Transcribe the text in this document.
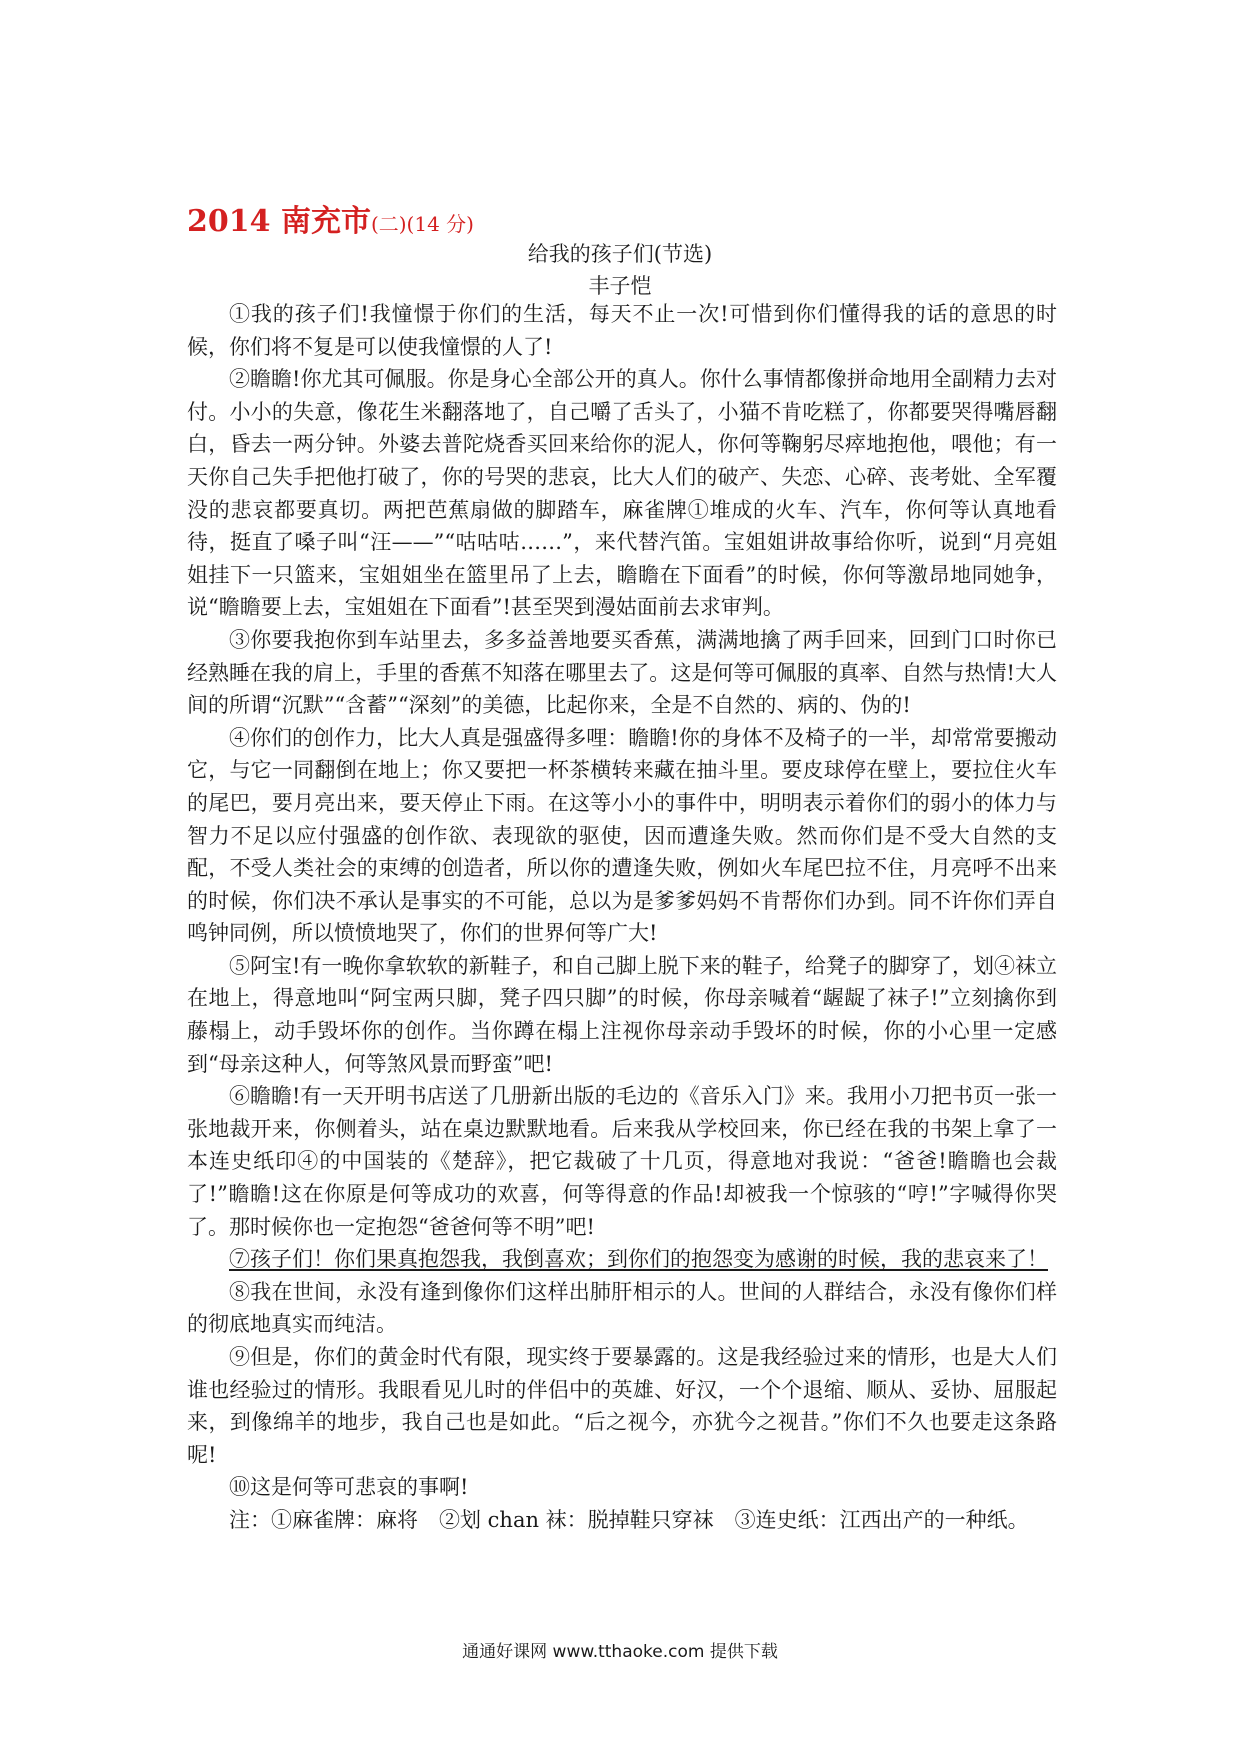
2014 南充市(二)(14 分)
给我的孩子们(节选)
丰子恺

①我的孩子们!我憧憬于你们的生活，每天不止一次!可惜到你们懂得我的话的意思的时候，你们将不复是可以使我憧憬的人了!

②瞻瞻!你尤其可佩服。你是身心全部公开的真人。你什么事情都像拼命地用全副精力去对付。小小的失意，像花生米翻落地了，自己嚼了舌头了，小猫不肯吃糕了，你都要哭得嘴唇翻白，昏去一两分钟。外婆去普陀烧香买回来给你的泥人，你何等鞠躬尽瘁地抱他，喂他；有一天你自己失手把他打破了，你的号哭的悲哀，比大人们的破产、失恋、心碎、丧考妣、全军覆没的悲哀都要真切。两把芭蕉扇做的脚踏车，麻雀牌①堆成的火车、汽车，你何等认真地看待，挺直了嗓子叫“汪——”“咕咕咕……”，来代替汽笛。宝姐姐讲故事给你听，说到“月亮姐姐挂下一只篮来，宝姐姐坐在篮里吊了上去，瞻瞻在下面看”的时候，你何等激昂地同她争，说“瞻瞻要上去，宝姐姐在下面看”!甚至哭到漫姑面前去求审判。

③你要我抱你到车站里去，多多益善地要买香蕉，满满地擒了两手回来，回到门口时你已经熟睡在我的肩上，手里的香蕉不知落在哪里去了。这是何等可佩服的真率、自然与热情!大人间的所谓“沉默”“含蓄”“深刻”的美德，比起你来，全是不自然的、病的、伪的!

④你们的创作力，比大人真是强盛得多哩：瞻瞻!你的身体不及椅子的一半，却常常要搬动它，与它一同翻倒在地上；你又要把一杯茶横转来藏在抽斗里。要皮球停在壁上，要拉住火车的尾巴，要月亮出来，要天停止下雨。在这等小小的事件中，明明表示着你们的弱小的体力与智力不足以应付强盛的创作欲、表现欲的驱使，因而遭逢失败。然而你们是不受大自然的支配，不受人类社会的束缚的创造者，所以你的遭逢失败，例如火车尾巴拉不住，月亮呼不出来的时候，你们决不承认是事实的不可能，总以为是爹爹妈妈不肯帮你们办到。同不许你们弄自鸣钟同例，所以愤愤地哭了，你们的世界何等广大!

⑤阿宝!有一晚你拿软软的新鞋子，和自己脚上脱下来的鞋子，给凳子的脚穿了，划④袜立在地上，得意地叫“阿宝两只脚，凳子四只脚”的时候，你母亲喊着“龌龊了袜子!”立刻擒你到藤榻上，动手毁坏你的创作。当你蹲在榻上注视你母亲动手毁坏的时候，你的小心里一定感到“母亲这种人，何等煞风景而野蛮”吧!

⑥瞻瞻!有一天开明书店送了几册新出版的毛边的《音乐入门》来。我用小刀把书页一张一张地裁开来，你侧着头，站在桌边默默地看。后来我从学校回来，你已经在我的书架上拿了一本连史纸印④的中国装的《楚辞》，把它裁破了十几页，得意地对我说：“爸爸!瞻瞻也会裁了!”瞻瞻!这在你原是何等成功的欢喜，何等得意的作品!却被我一个惊骇的“哼!”字喊得你哭了。那时候你也一定抱怨“爸爸何等不明”吧!

⑦孩子们！你们果真抱怨我，我倒喜欢；到你们的抱怨变为感谢的时候，我的悲哀来了！

⑧我在世间，永没有逢到像你们这样出肺肝相示的人。世间的人群结合，永没有像你们样的彻底地真实而纯洁。

⑨但是，你们的黄金时代有限，现实终于要暴露的。这是我经验过来的情形，也是大人们谁也经验过的情形。我眼看见儿时的伴侣中的英雄、好汉，一个个退缩、顺从、妥协、屈服起来，到像绵羊的地步，我自己也是如此。“后之视今，亦犹今之视昔。”你们不久也要走这条路呢!

⑩这是何等可悲哀的事啊!

注：①麻雀牌：麻将　②划 chan 袜：脱掉鞋只穿袜　③连史纸：江西出产的一种纸。

通通好课网 www.tthaoke.com 提供下载
